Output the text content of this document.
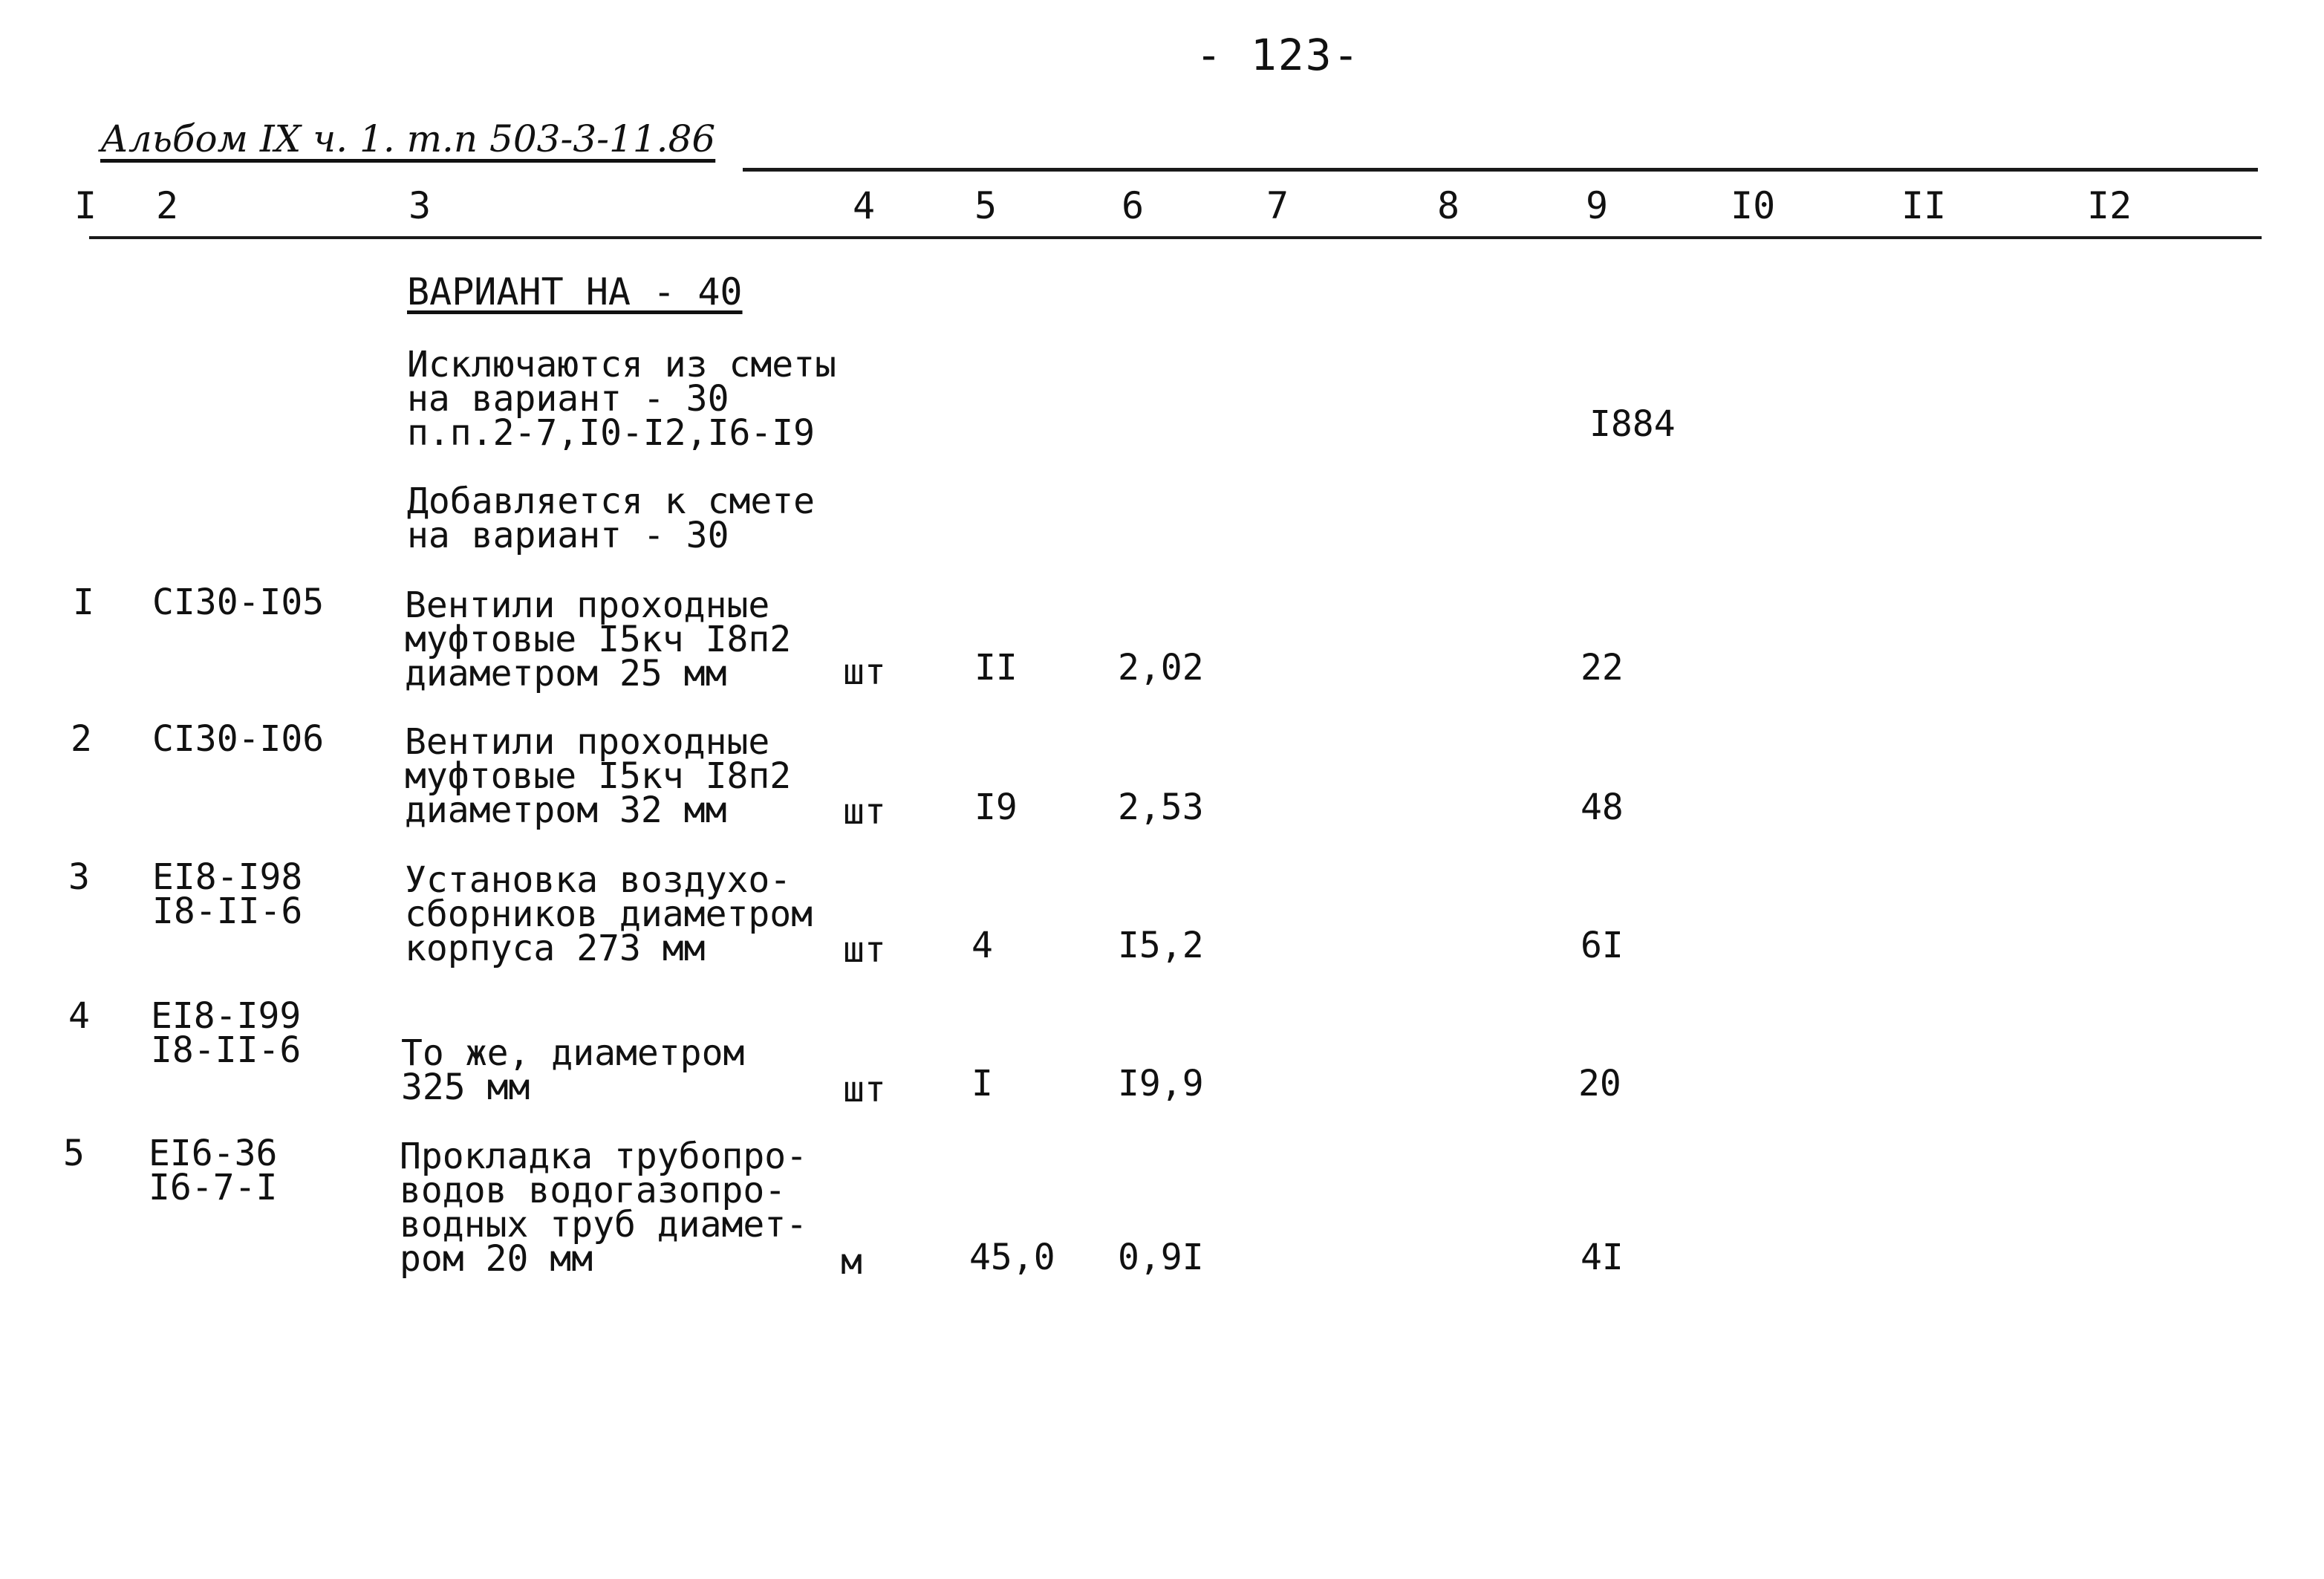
- 123-
Альбом IX ч. 1. т.п 503-3-11.86
I 2	3	4	5	6	7	8	9	I0	II	I2
ВАРИАНТ НА - 40
Исключаются из сметы
на вариант - 30
п.п.2-7,I0-I2,I6-I9	I884
Добавляется к смете
на вариант - 30
I CI30-I05 Вентили проходные
муфтовые I5кч I8п2
диаметром 25 мм	шт II	2,02	22
2 CI30-I06 Вентили проходные
муфтовые I5кч I8п2
диаметром 32 мм	шт I9	2,53	48
3 EI8-I98
I8-II-6
Установка воздухо-
сборников диаметром
корпуса 273 мм	шт 4	I5,2	6I
4 EI8-I99
I8-II-6	То же, диаметром
325 мм	шт I	I9,9	20
5 EI6-36
I6-7-I
Прокладка трубопро-
водов водогазопро-
водных труб диамет-
ром 20 мм	м	45,0 0,9I	4I
